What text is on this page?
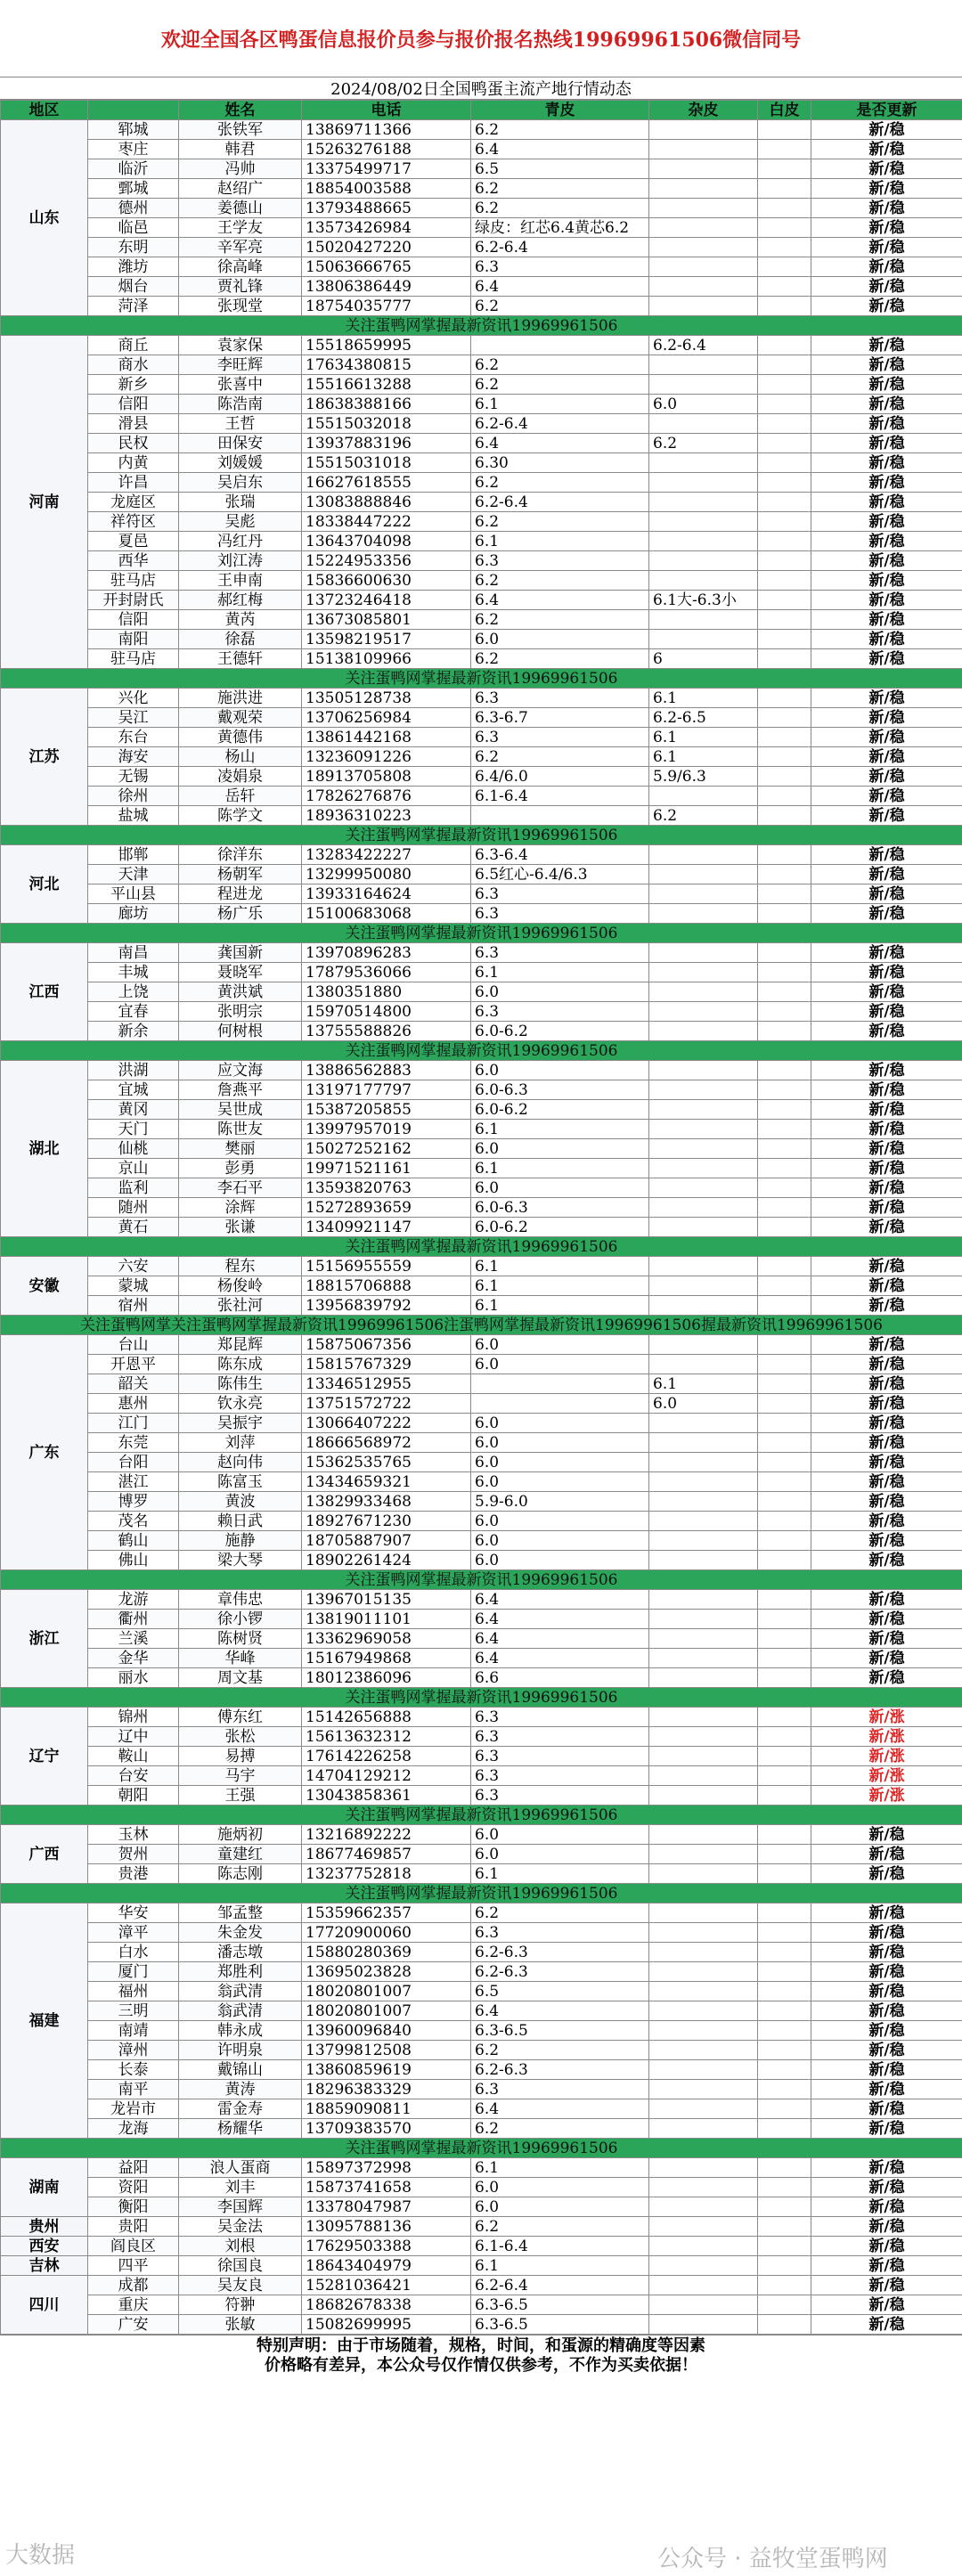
欢迎全国各区鸭蛋信息报价员参与报价报名热线19969961506微信同号
2024/08/02日全国鸭蛋主流产地行情动态
地区		姓名	电话	青皮	杂皮	白皮	是否更新
山东	郓城	张铁军	13869711366	6.2			新/稳
	枣庄	韩君	15263276188	6.4			新/稳
	临沂	冯帅	13375499717	6.5			新/稳
	鄄城	赵绍广	18854003588	6.2			新/稳
	德州	姜德山	13793488665	6.2			新/稳
	临邑	王学友	13573426984	绿皮：红芯6.4黄芯6.2			新/稳
	东明	辛军亮	15020427220	6.2-6.4			新/稳
	潍坊	徐高峰	15063666765	6.3			新/稳
	烟台	贾礼锋	13806386449	6.4			新/稳
	菏泽	张现堂	18754035777	6.2			新/稳
关注蛋鸭网掌握最新资讯19969961506							
河南	商丘	袁家保	15518659995		6.2-6.4		新/稳
	商水	李旺辉	17634380815	6.2			新/稳
	新乡	张喜中	15516613288	6.2			新/稳
	信阳	陈浩南	18638388166	6.1	6.0		新/稳
	滑县	王哲	15515032018	6.2-6.4			新/稳
	民权	田保安	13937883196	6.4	6.2		新/稳
	内黄	刘媛媛	15515031018	6.30			新/稳
	许昌	吴启东	16627618555	6.2			新/稳
	龙庭区	张瑞	13083888846	6.2-6.4			新/稳
	祥符区	吴彪	18338447222	6.2			新/稳
	夏邑	冯红丹	13643704098	6.1			新/稳
	西华	刘江涛	15224953356	6.3			新/稳
	驻马店	王申南	15836600630	6.2			新/稳
	开封尉氏	郝红梅	13723246418	6.4	6.1大-6.3小		新/稳
	信阳	黄芮	13673085801	6.2			新/稳
	南阳	徐磊	13598219517	6.0			新/稳
	驻马店	王德轩	15138109966	6.2	6		新/稳
关注蛋鸭网掌握最新资讯19969961506							
江苏	兴化	施洪进	13505128738	6.3	6.1		新/稳
	吴江	戴观荣	13706256984	6.3-6.7	6.2-6.5		新/稳
	东台	黄德伟	13861442168	6.3	6.1		新/稳
	海安	杨山	13236091226	6.2	6.1		新/稳
	无锡	凌娟泉	18913705808	6.4/6.0	5.9/6.3		新/稳
	徐州	岳轩	17826276876	6.1-6.4			新/稳
	盐城	陈学文	18936310223		6.2		新/稳
关注蛋鸭网掌握最新资讯19969961506							
河北	邯郸	徐洋东	13283422227	6.3-6.4			新/稳
	天津	杨朝军	13299950080	6.5红心-6.4/6.3			新/稳
	平山县	程进龙	13933164624	6.3			新/稳
	廊坊	杨广乐	15100683068	6.3			新/稳
关注蛋鸭网掌握最新资讯19969961506							
江西	南昌	龚国新	13970896283	6.3			新/稳
	丰城	聂晓军	17879536066	6.1			新/稳
	上饶	黄洪斌	1380351880	6.0			新/稳
	宜春	张明宗	15970514800	6.3			新/稳
	新余	何树根	13755588826	6.0-6.2			新/稳
关注蛋鸭网掌握最新资讯19969961506							
湖北	洪湖	应文海	13886562883	6.0			新/稳
	宜城	詹燕平	13197177797	6.0-6.3			新/稳
	黄冈	吴世成	15387205855	6.0-6.2			新/稳
	天门	陈世友	13997957019	6.1			新/稳
	仙桃	樊丽	15027252162	6.0			新/稳
	京山	彭勇	19971521161	6.1			新/稳
	监利	李石平	13593820763	6.0			新/稳
	随州	涂辉	15272893659	6.0-6.3			新/稳
	黄石	张谦	13409921147	6.0-6.2			新/稳
关注蛋鸭网掌握最新资讯19969961506							
安徽	六安	程东	15156955559	6.1			新/稳
	蒙城	杨俊岭	18815706888	6.1			新/稳
	宿州	张社河	13956839792	6.1			新/稳
关注蛋鸭网掌关注蛋鸭网掌握最新资讯19969961506注蛋鸭网掌握最新资讯19969961506握最新资讯19969961506							
广东	台山	郑昆辉	15875067356	6.0			新/稳
	开恩平	陈东成	15815767329	6.0			新/稳
	韶关	陈伟生	13346512955		6.1		新/稳
	惠州	钦永亮	13751572722		6.0		新/稳
	江门	吴振宇	13066407222	6.0			新/稳
	东莞	刘萍	18666568972	6.0			新/稳
	台阳	赵向伟	15362535765	6.0			新/稳
	湛江	陈富玉	13434659321	6.0			新/稳
	博罗	黄波	13829933468	5.9-6.0			新/稳
	茂名	赖日武	18927671230	6.0			新/稳
	鹤山	施静	18705887907	6.0			新/稳
	佛山	梁大琴	18902261424	6.0			新/稳
关注蛋鸭网掌握最新资讯19969961506							
浙江	龙游	章伟忠	13967015135	6.4			新/稳
	衢州	徐小锣	13819011101	6.4			新/稳
	兰溪	陈树贤	13362969058	6.4			新/稳
	金华	华峰	15167949868	6.4			新/稳
	丽水	周文基	18012386096	6.6			新/稳
关注蛋鸭网掌握最新资讯19969961506							
辽宁	锦州	傅东红	15142656888	6.3			新/涨
	辽中	张松	15613632312	6.3			新/涨
	鞍山	易搏	17614226258	6.3			新/涨
	台安	马宇	14704129212	6.3			新/涨
	朝阳	王强	13043858361	6.3			新/涨
关注蛋鸭网掌握最新资讯19969961506							
广西	玉林	施炳初	13216892222	6.0			新/稳
	贺州	童建红	18677469857	6.0			新/稳
	贵港	陈志刚	13237752818	6.1			新/稳
关注蛋鸭网掌握最新资讯19969961506							
福建	华安	邹孟整	15359662357	6.2			新/稳
	漳平	朱金发	17720900060	6.3			新/稳
	白水	潘志墩	15880280369	6.2-6.3			新/稳
	厦门	郑胜利	13695023828	6.2-6.3			新/稳
	福州	翁武清	18020801007	6.5			新/稳
	三明	翁武清	18020801007	6.4			新/稳
	南靖	韩永成	13960096840	6.3-6.5			新/稳
	漳州	许明泉	13799812508	6.2			新/稳
	长泰	戴锦山	13860859619	6.2-6.3			新/稳
	南平	黄涛	18296383329	6.3			新/稳
	龙岩市	雷金寿	18859090811	6.4			新/稳
	龙海	杨耀华	13709383570	6.2			新/稳
关注蛋鸭网掌握最新资讯19969961506							
湖南	益阳	浪人蛋商	15897372998	6.1			新/稳
	资阳	刘丰	15873741658	6.0			新/稳
	衡阳	李国辉	13378047987	6.0			新/稳
贵州	贵阳	吴金法	13095788136	6.2			新/稳
西安	阎良区	刘根	17629503388	6.1-6.4			新/稳
吉林	四平	徐国良	18643404979	6.1			新/稳
四川	成都	吴友良	15281036421	6.2-6.4			新/稳
	重庆	符翀	18682678338	6.3-6.5			新/稳
	广安	张敏	15082699995	6.3-6.5			新/稳
特别声明：由于市场随着，规格，时间，和蛋源的精确度等因素
价格略有差异，本公众号仅作情仅供参考，不作为买卖依据！
大数据	公众号 · 益牧堂蛋鸭网
